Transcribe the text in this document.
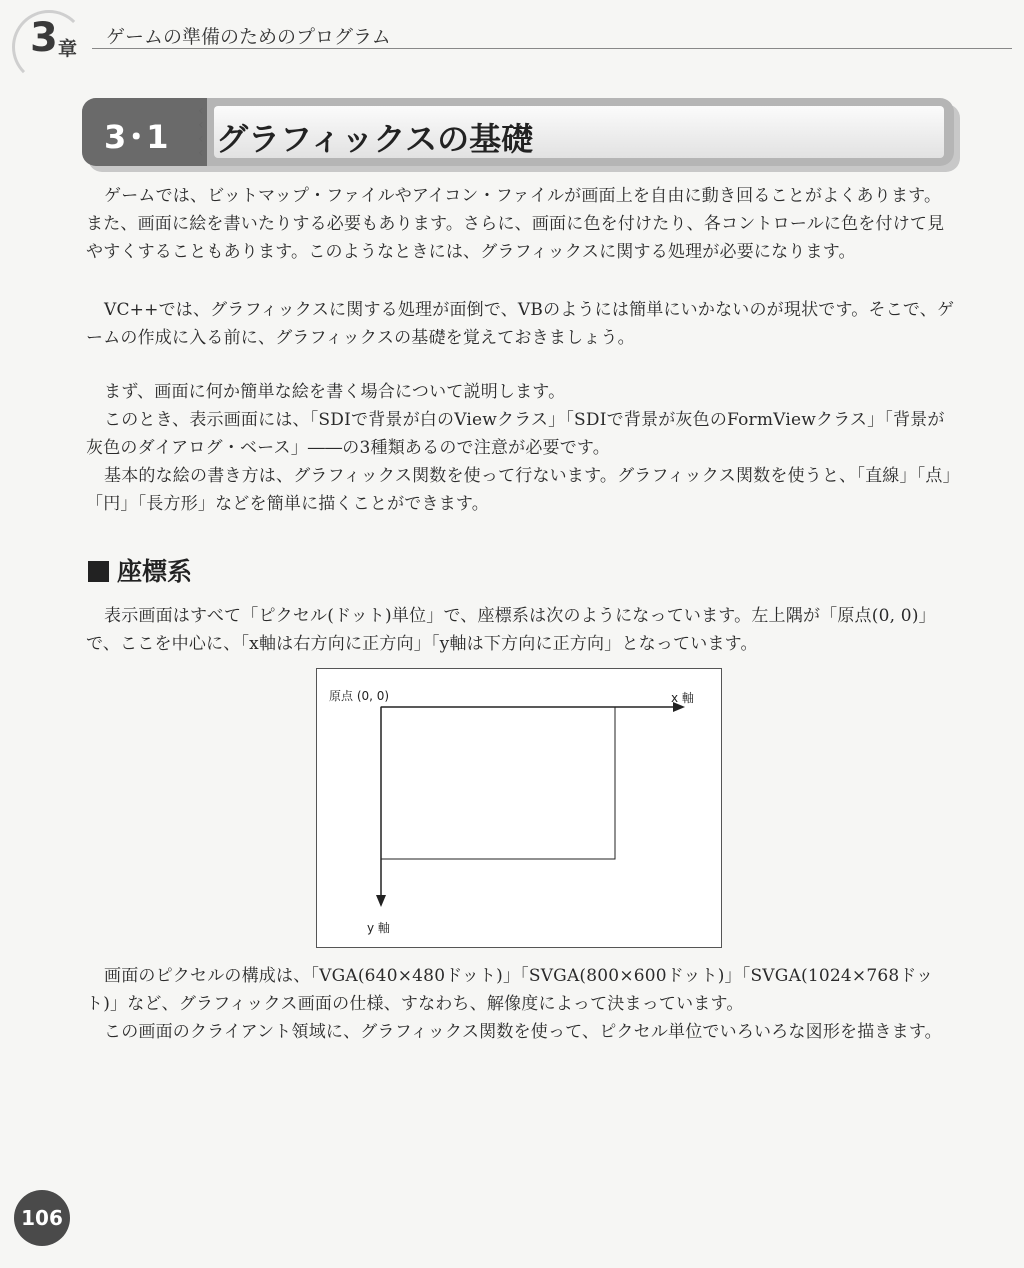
3 章
ゲームの準備のためのプログラム
3･1
‹
‹
‹
‹ グラフィックスの基礎

ゲームでは、ビットマップ・ファイルやアイコン・ファイルが画面上を自由に動き回ることがよくあります。また、画面に絵を書いたりする必要もあります。さらに、画面に色を付けたり、各コントロールに色を付けて見やすくすることもあります。このようなときには、グラフィックスに関する処理が必要になります。

VC++では、グラフィックスに関する処理が面倒で、VBのようには簡単にいかないのが現状です。そこで、ゲームの作成に入る前に、グラフィックスの基礎を覚えておきましょう。

まず、画面に何か簡単な絵を書く場合について説明します。

このとき、表示画面には、「SDIで背景が白のViewクラス」「SDIで背景が灰色のFormViewクラス」「背景が灰色のダイアログ・ベース」――の3種類あるので注意が必要です。

基本的な絵の書き方は、グラフィックス関数を使って行ないます。グラフィックス関数を使うと、「直線」「点」「円」「長方形」などを簡単に描くことができます。

座標系

表示画面はすべて「ピクセル(ドット)単位」で、座標系は次のようになっています。左上隅が「原点(0, 0)」で、ここを中心に、「x軸は右方向に正方向」「y軸は下方向に正方向」となっています。

原点 (0, 0)	x 軸
y 軸

画面のピクセルの構成は、「VGA(640×480ドット)」「SVGA(800×600ドット)」「SVGA(1024×768ドット)」など、グラフィックス画面の仕様、すなわち、解像度によって決まっています。

この画面のクライアント領域に、グラフィックス関数を使って、ピクセル単位でいろいろな図形を描きます。

106
